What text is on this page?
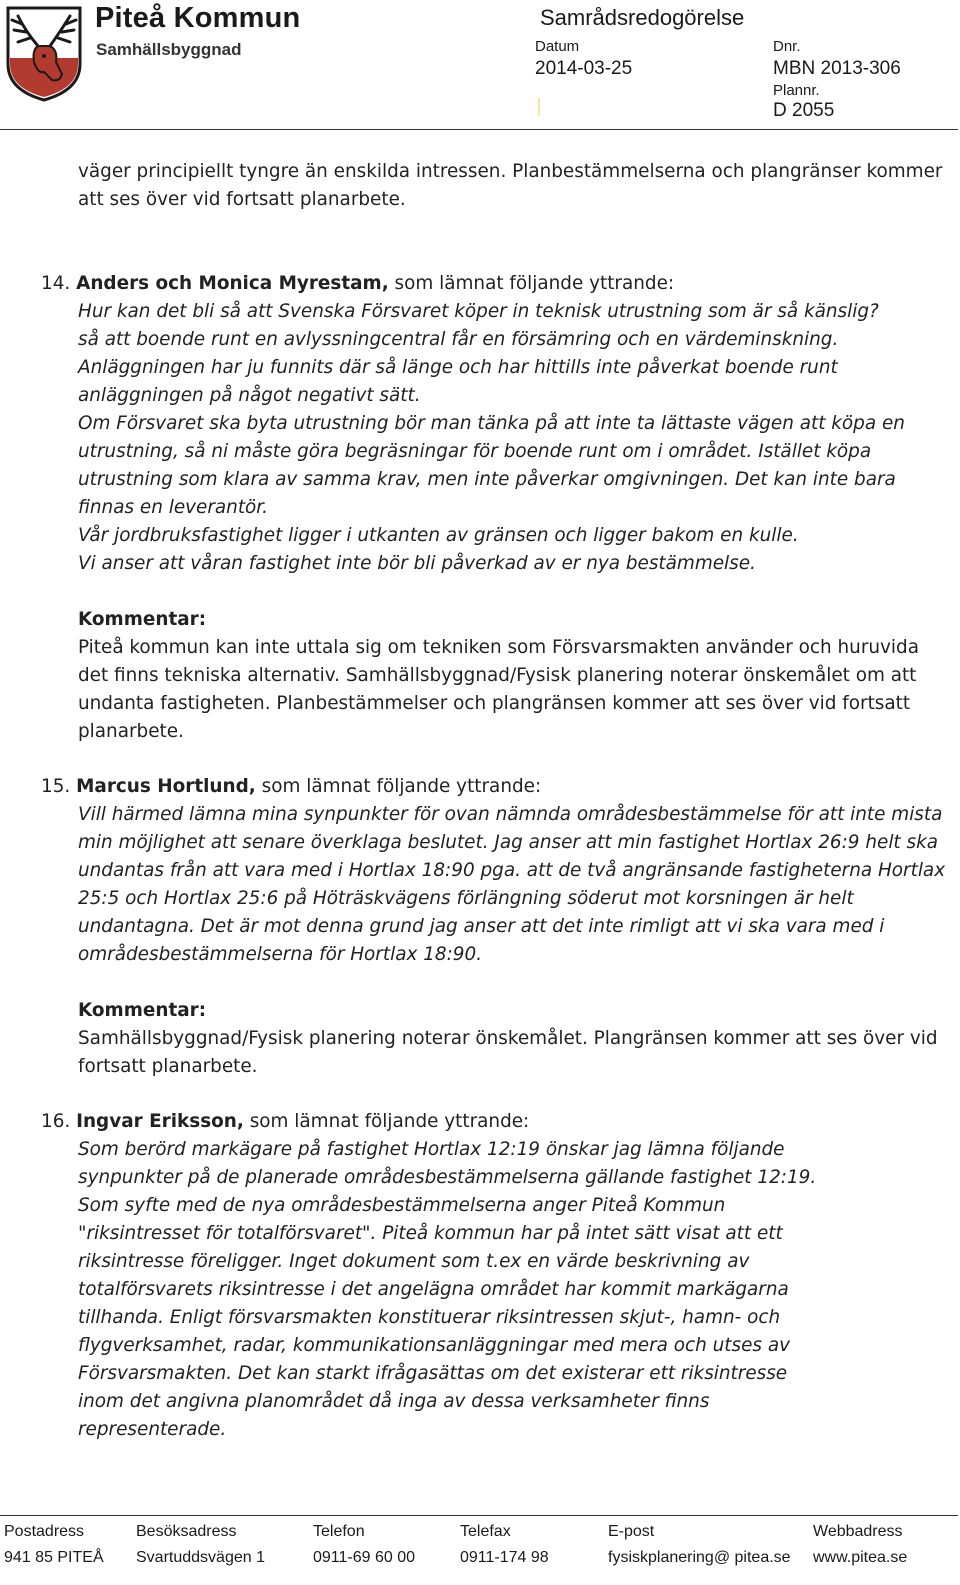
Piteå Kommun
Samhällsbyggnad
Samrådsredogörelse
Datum
2014-03-25
Dnr.
MBN 2013-306
Plannr.
D 2055

väger principiellt tyngre än enskilda intressen. Planbestämmelserna och plangränser kommer

att ses över vid fortsatt planarbete.

14. Anders och Monica Myrestam, som lämnat följande yttrande:

Hur kan det bli så att Svenska Försvaret köper in teknisk utrustning som är så känslig?

så att boende runt en avlyssningcentral får en försämring och en värdeminskning.

Anläggningen har ju funnits där så länge och har hittills inte påverkat boende runt

anläggningen på något negativt sätt.

Om Försvaret ska byta utrustning bör man tänka på att inte ta lättaste vägen att köpa en

utrustning, så ni måste göra begräsningar för boende runt om i området. Istället köpa

utrustning som klara av samma krav, men inte påverkar omgivningen. Det kan inte bara

finnas en leverantör.

Vår jordbruksfastighet ligger i utkanten av gränsen och ligger bakom en kulle.

Vi anser att våran fastighet inte bör bli påverkad av er nya bestämmelse.

Kommentar:

Piteå kommun kan inte uttala sig om tekniken som Försvarsmakten använder och huruvida

det finns tekniska alternativ. Samhällsbyggnad/Fysisk planering noterar önskemålet om att

undanta fastigheten. Planbestämmelser och plangränsen kommer att ses över vid fortsatt

planarbete.

15. Marcus Hortlund, som lämnat följande yttrande:

Vill härmed lämna mina synpunkter för ovan nämnda områdesbestämmelse för att inte mista

min möjlighet att senare överklaga beslutet. Jag anser att min fastighet Hortlax 26:9 helt ska

undantas från att vara med i Hortlax 18:90 pga. att de två angränsande fastigheterna Hortlax

25:5 och Hortlax 25:6 på Höträskvägens förlängning söderut mot korsningen är helt

undantagna. Det är mot denna grund jag anser att det inte rimligt att vi ska vara med i

områdesbestämmelserna för Hortlax 18:90.

Kommentar:

Samhällsbyggnad/Fysisk planering noterar önskemålet. Plangränsen kommer att ses över vid

fortsatt planarbete.

16. Ingvar Eriksson, som lämnat följande yttrande:

Som berörd markägare på fastighet Hortlax 12:19 önskar jag lämna följande

synpunkter på de planerade områdesbestämmelserna gällande fastighet 12:19.

Som syfte med de nya områdesbestämmelserna anger Piteå Kommun

"riksintresset för totalförsvaret". Piteå kommun har på intet sätt visat att ett

riksintresse föreligger. Inget dokument som t.ex en värde beskrivning av

totalförsvarets riksintresse i det angelägna området har kommit markägarna

tillhanda. Enligt försvarsmakten konstituerar riksintressen skjut-, hamn- och

flygverksamhet, radar, kommunikationsanläggningar med mera och utses av

Försvarsmakten. Det kan starkt ifrågasättas om det existerar ett riksintresse

inom det angivna planområdet då inga av dessa verksamheter finns

representerade.

Postadress
941 85 PITEÅ
Besöksadress
Svartuddsvägen 1
Telefon
0911-69 60 00
Telefax
0911-174 98
E-post
fysiskplanering@ pitea.se
Webbadress
www.pitea.se
